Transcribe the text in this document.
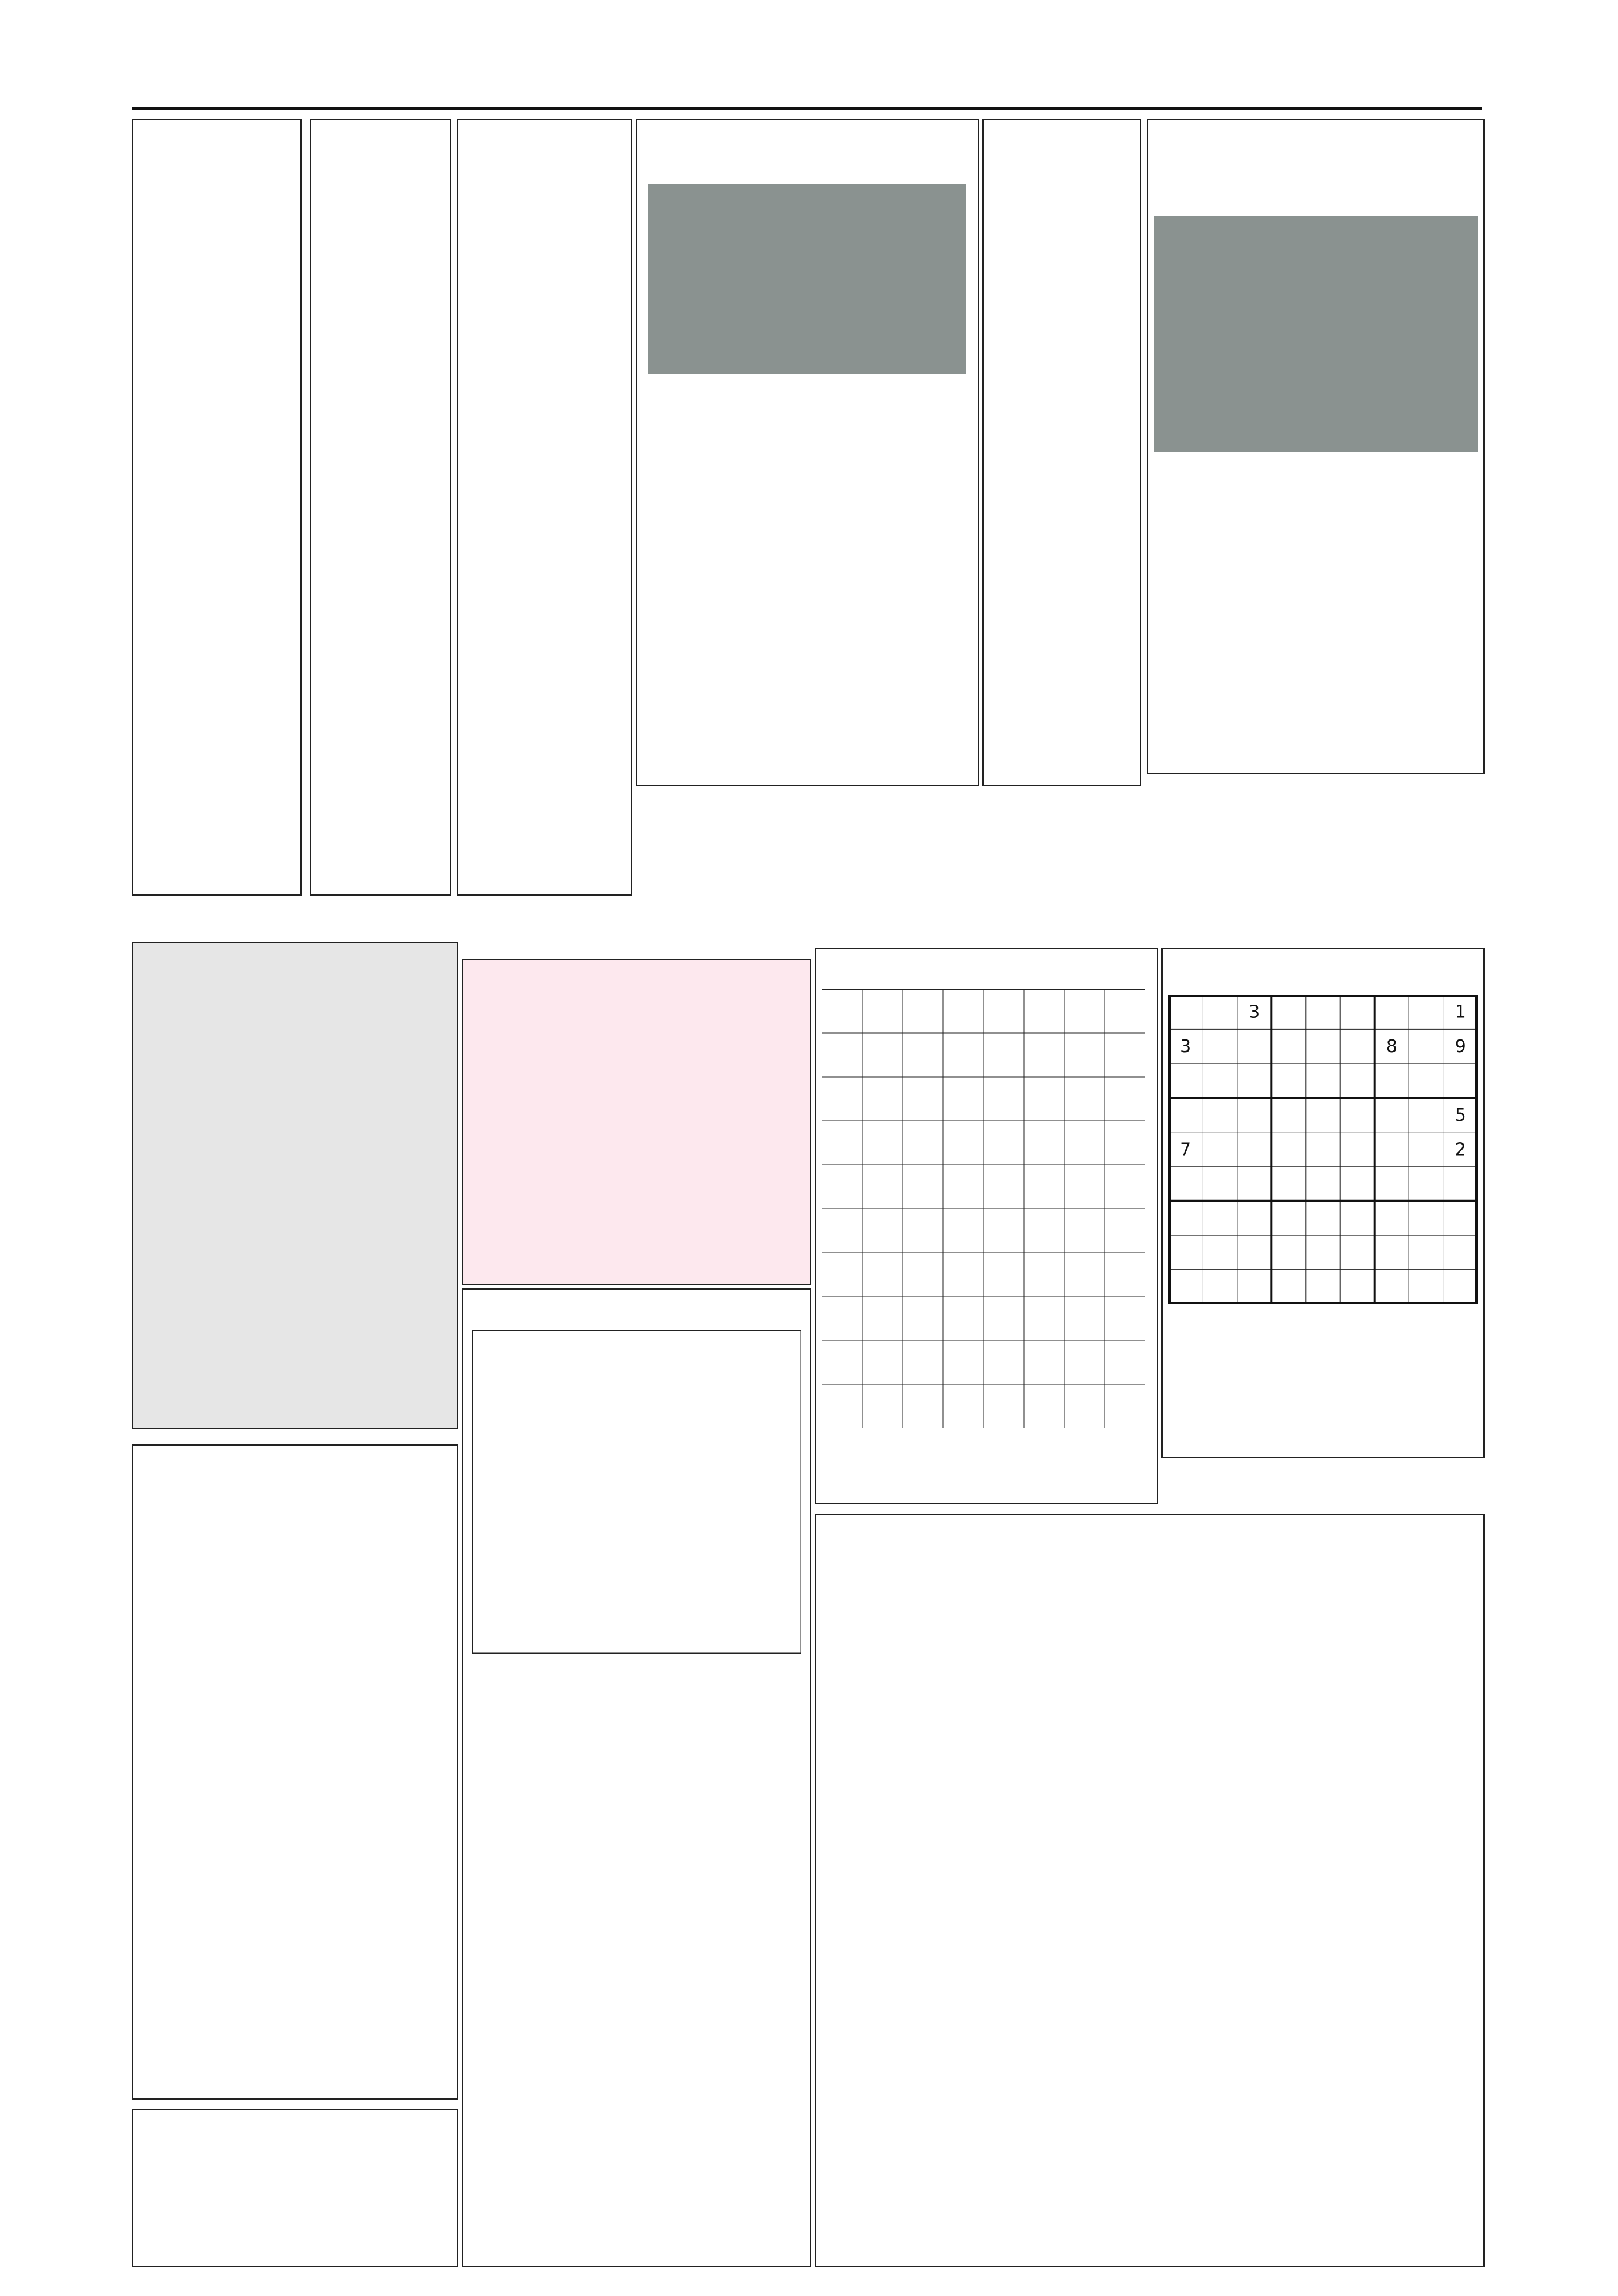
3	1
3	8	9
5
7	2
